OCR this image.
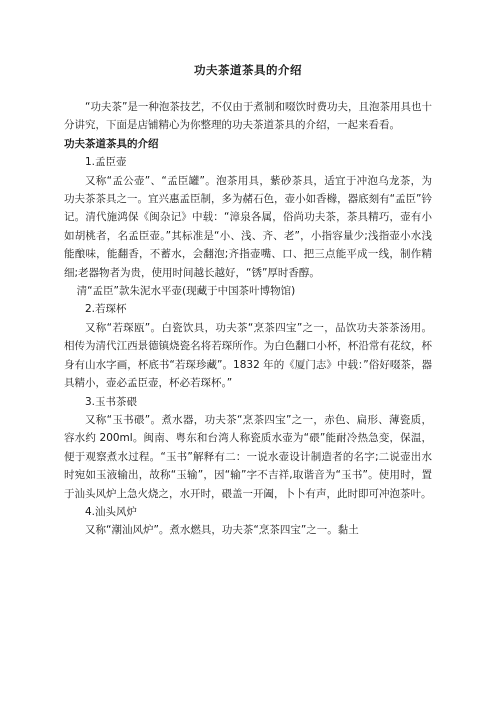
功夫茶道茶具的介绍

“功夫茶”是一种泡茶技艺，不仅由于煮制和啜饮时费功夫，且泡茶用具也十分讲究，下面是店铺精心为你整理的功夫茶道茶具的介绍，一起来看看。

功夫茶道茶具的介绍

1.孟臣壶

又称“孟公壶”、“孟臣罐”。泡茶用具，紫砂茶具，适宜于冲泡乌龙茶，为功夫茶茶具之一。宜兴惠孟臣制，多为赭石色，壶小如香橼，器底刻有“孟臣”钤记。清代施鸿保《闽杂记》中载：“漳泉各属，俗尚功夫茶，茶具精巧，壶有小如胡桃者，名孟臣壶。”其标准是“小、浅、齐、老”，小指容量少;浅指壶小水浅能酿味，能翻香，不蓄水，会翻泡;齐指壶嘴、口、把三点能平成一线，制作精细;老器物者为贵，使用时间越长越好，“锈”厚时香醇。

清“孟臣”款朱泥水平壶(现藏于中国茶叶博物馆)

2.若琛杯

又称“若琛瓯”。白瓷饮具，功夫茶“烹茶四宝”之一，品饮功夫茶茶汤用。相传为清代江西景德镇烧瓷名将若琛所作。为白色翻口小杯，杯沿常有花纹，杯身有山水字画，杯底书“若琛珍藏”。1832 年的《厦门志》中载：”俗好啜茶，器具精小，壶必孟臣壶，杯必若琛杯。”

3.玉书茶碨

又称“玉书碨”。煮水器，功夫茶“烹茶四宝”之一，赤色、扁形、薄瓷质，容水约 200ml。闽南、粤东和台湾人称瓷质水壶为“碨”能耐冷热急变，保温，便于观察煮水过程。“玉书”解释有二：一说水壶设计制造者的名字;二说壶出水时宛如玉液输出，故称“玉输”，因“输”字不吉祥,取谐音为“玉书”。使用时，置于汕头风炉上急火烧之，水开时，碨盖一开阖，卜卜有声，此时即可冲泡茶叶。

4.汕头风炉

又称“潮汕风炉”。煮水燃具，功夫茶“烹茶四宝”之一。黏土
